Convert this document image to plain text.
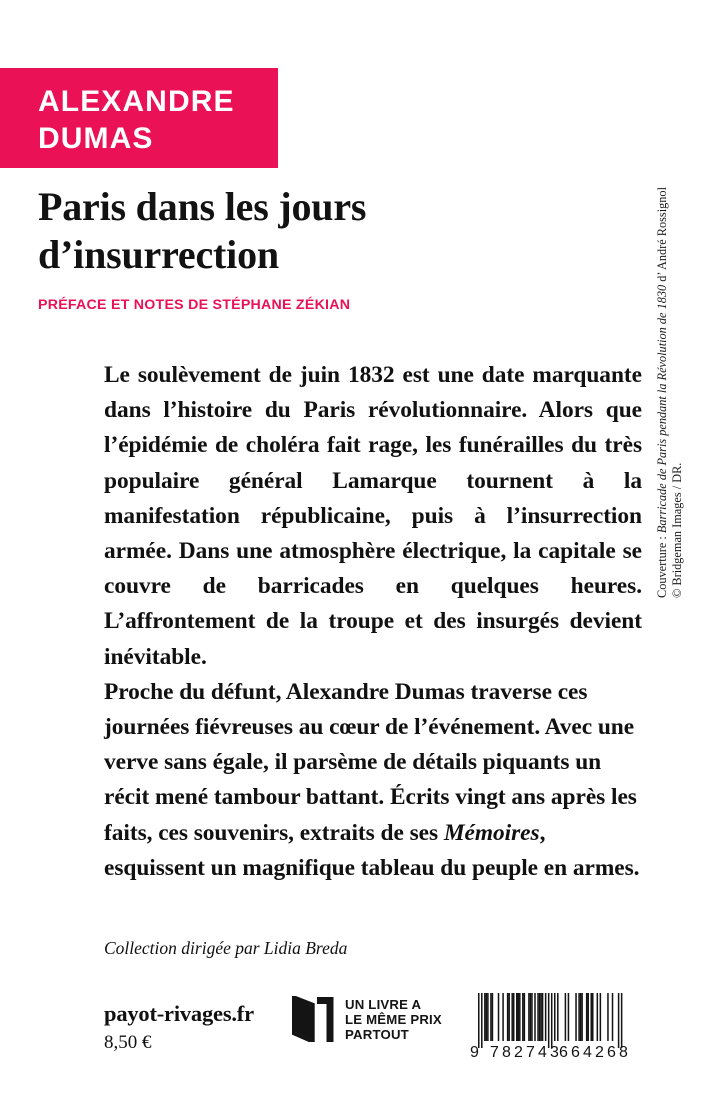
ALEXANDRE
DUMAS
Paris dans les jours
d’insurrection
PRÉFACE ET NOTES DE STÉPHANE ZÉKIAN

Le soulèvement de juin 1832 est une date marquante dans l’histoire du Paris révolutionnaire. Alors que l’épidémie de choléra fait rage, les funérailles du très populaire général Lamarque tournent à la manifestation républicaine, puis à l’insurrection armée. Dans une atmosphère électrique, la capitale se couvre de barricades en quelques heures. L’affrontement de la troupe et des insurgés devient inévitable.

Proche du défunt, Alexandre Dumas traverse ces journées fiévreuses au cœur de l’événement. Avec une verve sans égale, il parsème de détails piquants un récit mené tambour battant. Écrits vingt ans après les faits, ces souvenirs, extraits de ses Mémoires, esquissent un magnifique tableau du peuple en armes.

Collection dirigée par Lidia Breda
payot-rivages.fr
8,50 €
UN LIVRE A
LE MÊME PRIX
PARTOUT
9 782743
664268
Couverture : Barricade de Paris pendant la Révolution de 1830 d’ André Rossignol
© Bridgeman Images / DR.
